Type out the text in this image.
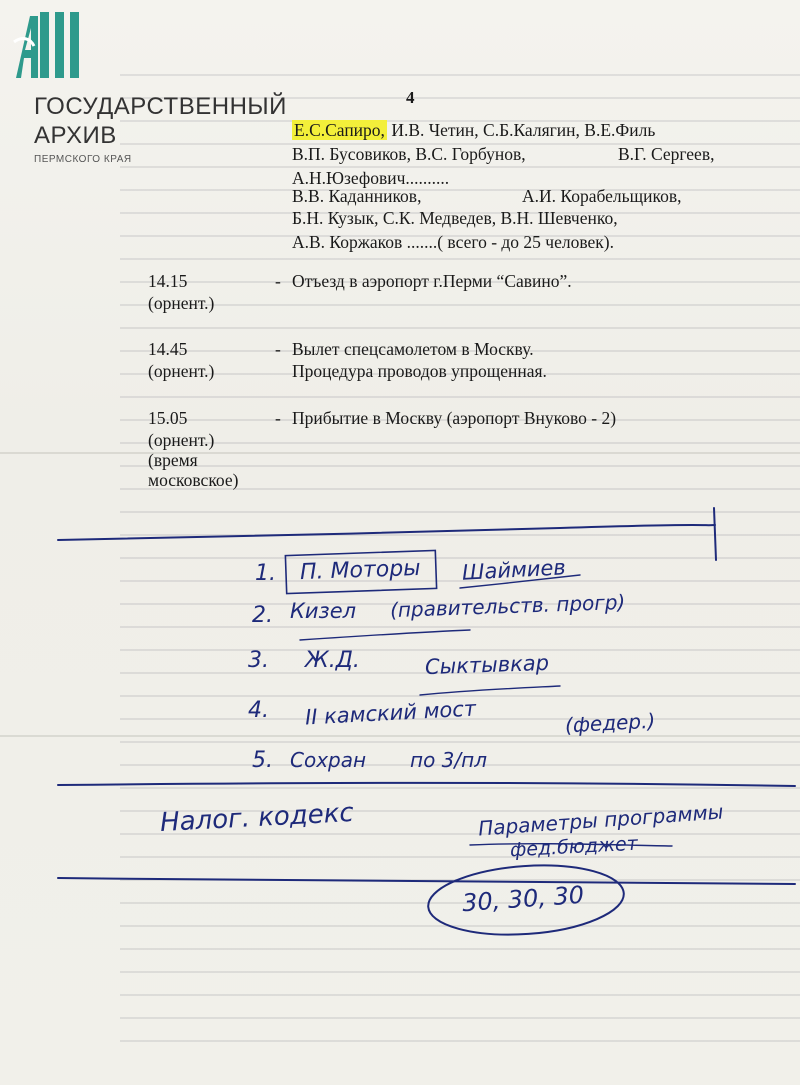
ГОСУДАРСТВЕННЫЙ
АРХИВ
ПЕРМСКОГО КРАЯ
4
Е.С.Сапиро, И.В. Четин, С.Б.Калягин, В.Е.Филь
В.П. Бусовиков, В.С. Горбунов,	В.Г. Сергеев,
А.Н.Юзефович..........
В.В. Каданников,	А.И. Корабельщиков,
Б.Н. Кузык, С.К. Медведев, В.Н. Шевченко,
А.В. Коржаков .......( всего - до 25 человек).
14.15
(орнент.)
- Отъезд в аэропорт г.Перми “Савино”.
14.45
(орнент.)
- Вылет спецсамолетом в Москву.
Процедура проводов упрощенная.
15.05
(орнент.)
(время
московское)
- Прибытие в Москву (аэропорт Внуково - 2)
1. П. Моторы Шаймиев
2. Кизел (правительств. прогр)
3. Ж.Д.	Сыктывкар
4. II камский мост	(федер.)
5. Сохран по 3/пл
Налог. кодекс	Параметры программы
фед.бюджет
30, 30, 30
